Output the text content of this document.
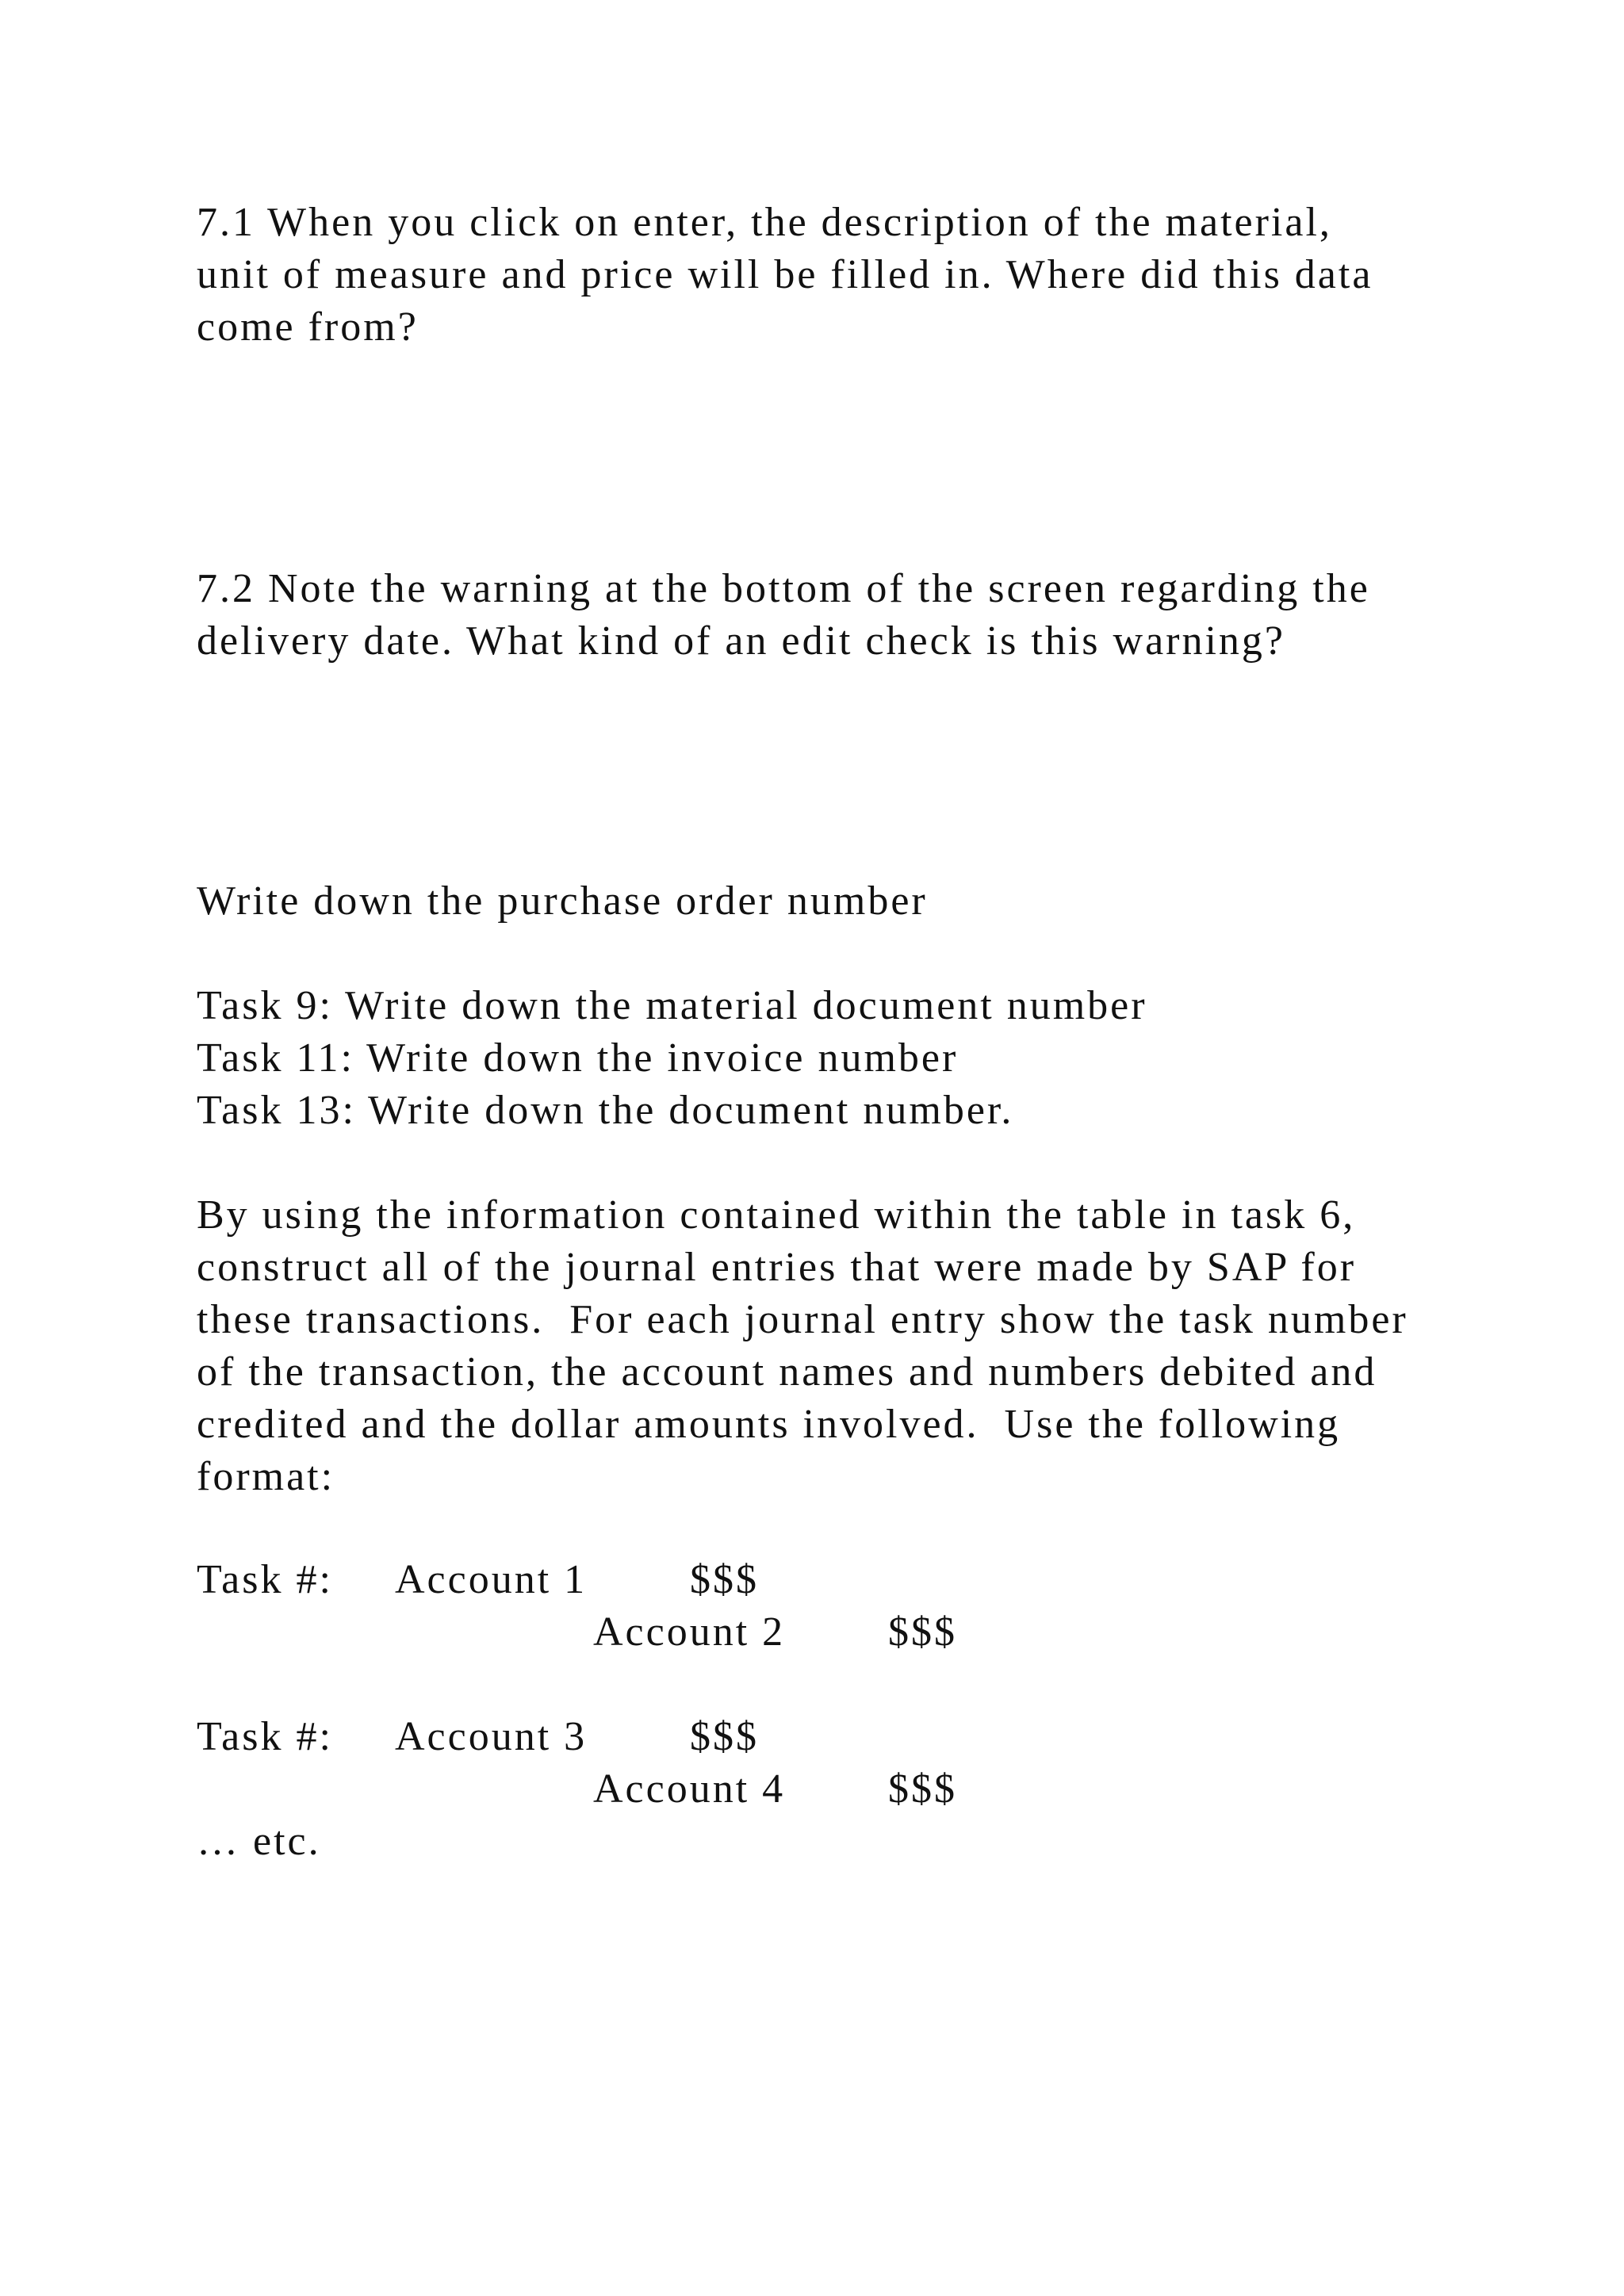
7.1 When you click on enter, the description of the material,
unit of measure and price will be filled in. Where did this data
come from?
7.2 Note the warning at the bottom of the screen regarding the
delivery date. What kind of an edit check is this warning?
Write down the purchase order number
Task 9: Write down the material document number
Task 11: Write down the invoice number
Task 13: Write down the document number.
By using the information contained within the table in task 6,
construct all of the journal entries that were made by SAP for
these transactions.  For each journal entry show the task number
of the transaction, the account names and numbers debited and
credited and the dollar amounts involved.  Use the following
format:
Task #: Account 1 $$$
Account 2 $$$
Task #: Account 3 $$$
Account 4 $$$
… etc.
